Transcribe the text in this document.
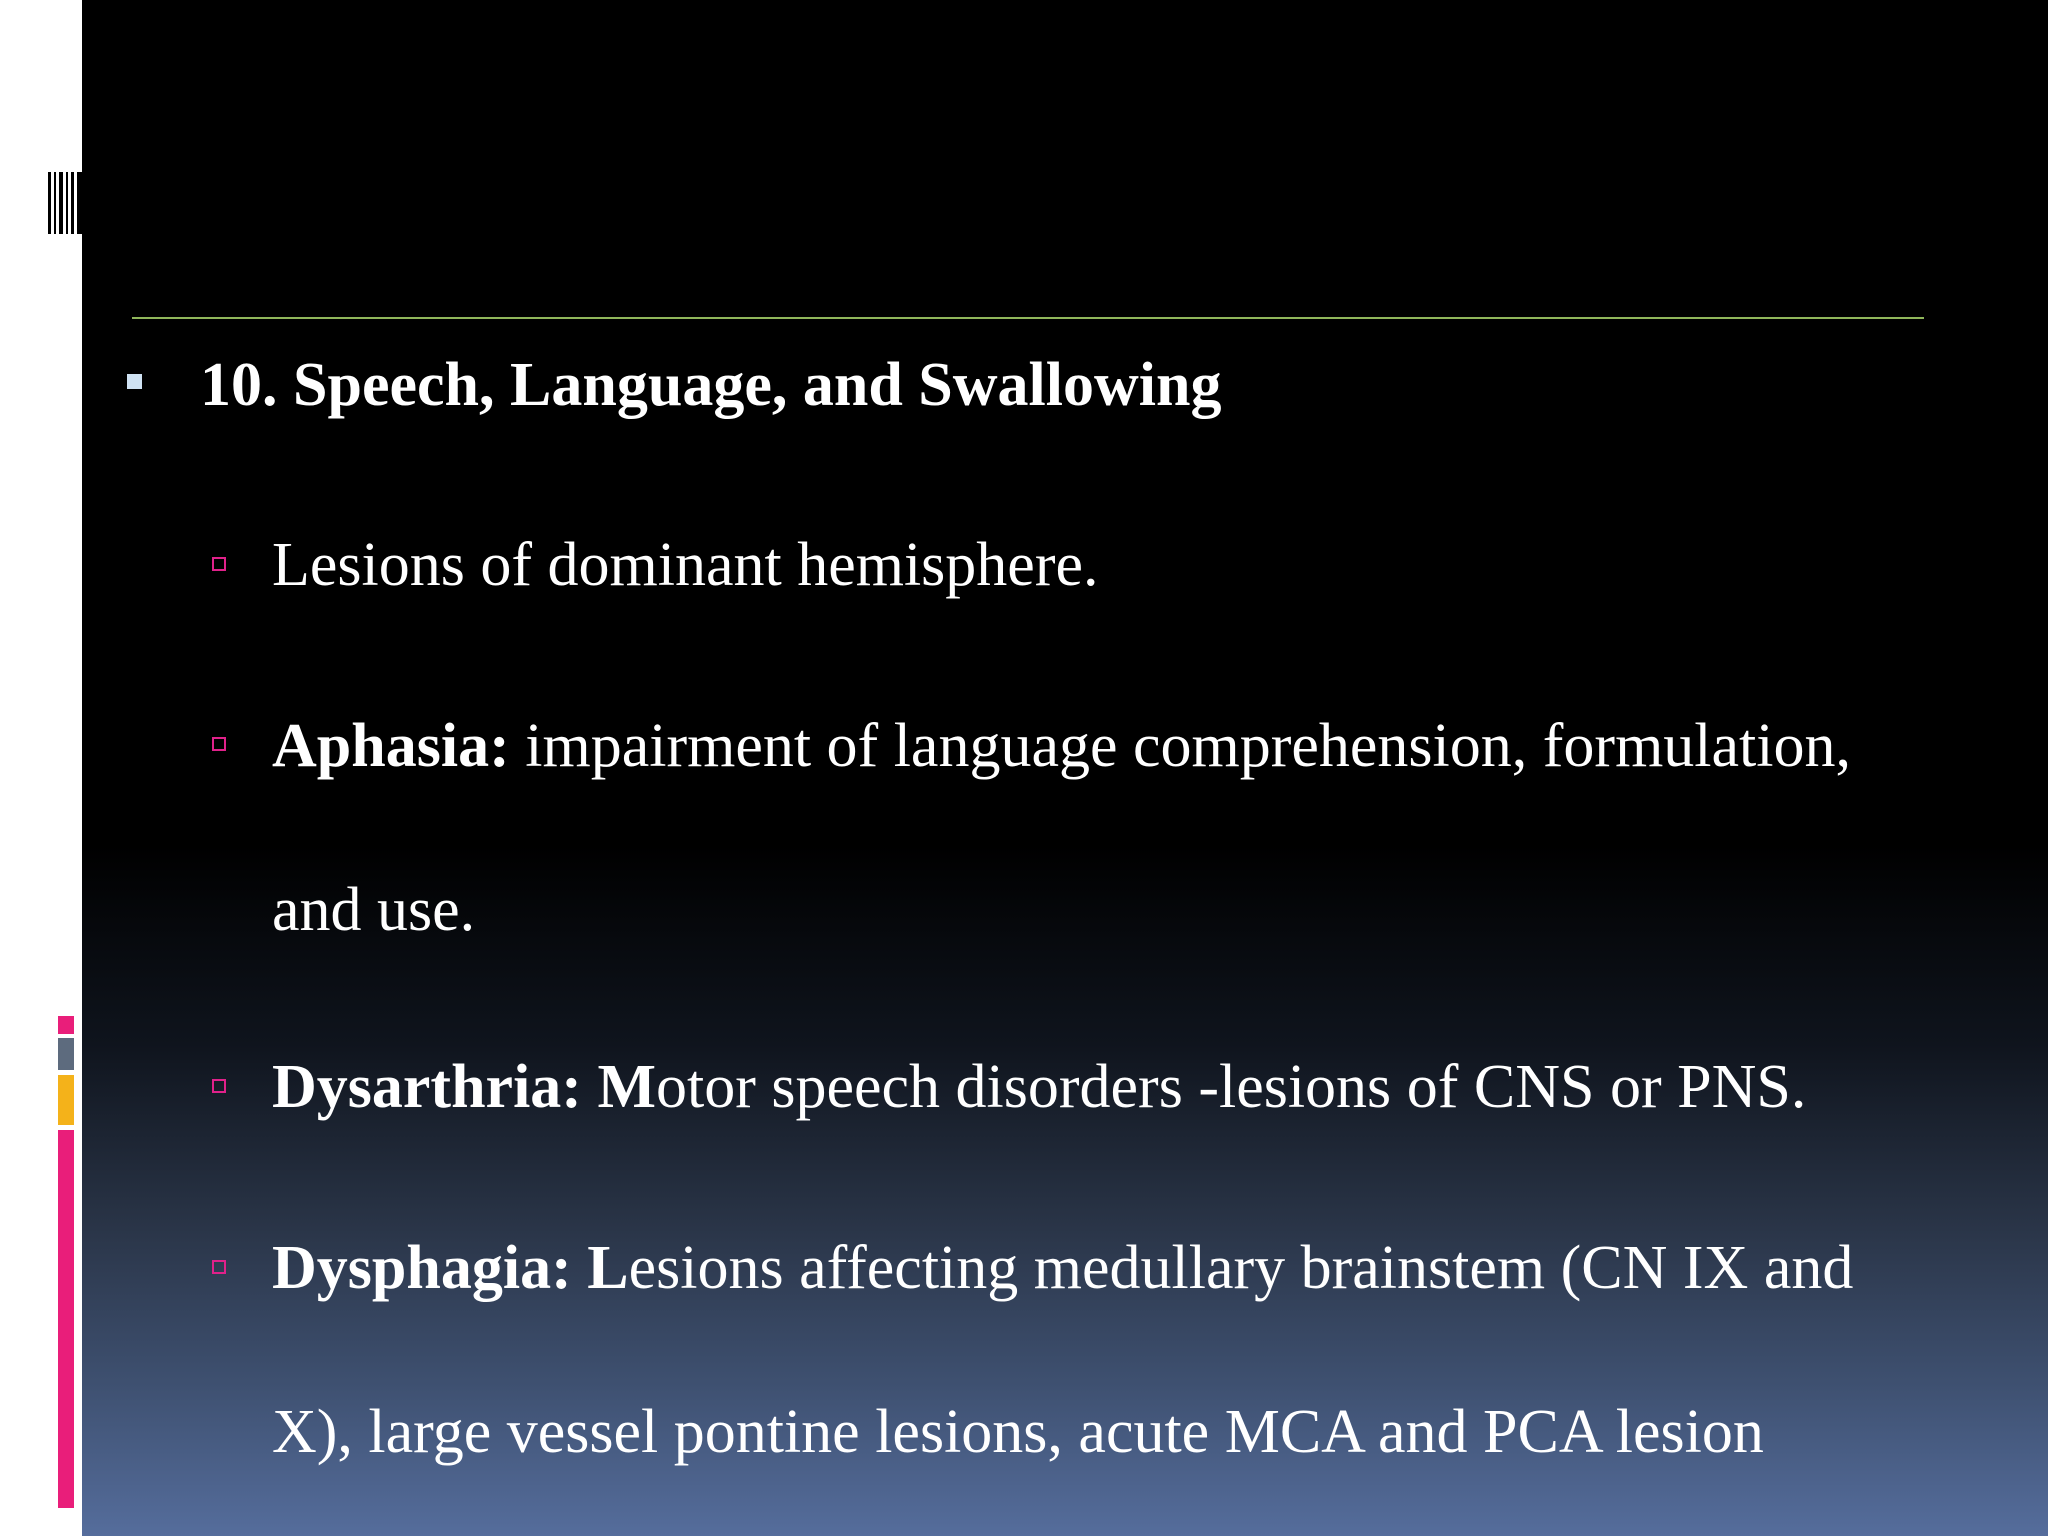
10. Speech, Language, and Swallowing
Lesions of dominant hemisphere.
Aphasia: impairment of language comprehension, formulation,
and use.
Dysarthria: Motor speech disorders -lesions of CNS or PNS.
Dysphagia: Lesions affecting medullary brainstem (CN IX and
X), large vessel pontine lesions, acute MCA and PCA lesion
